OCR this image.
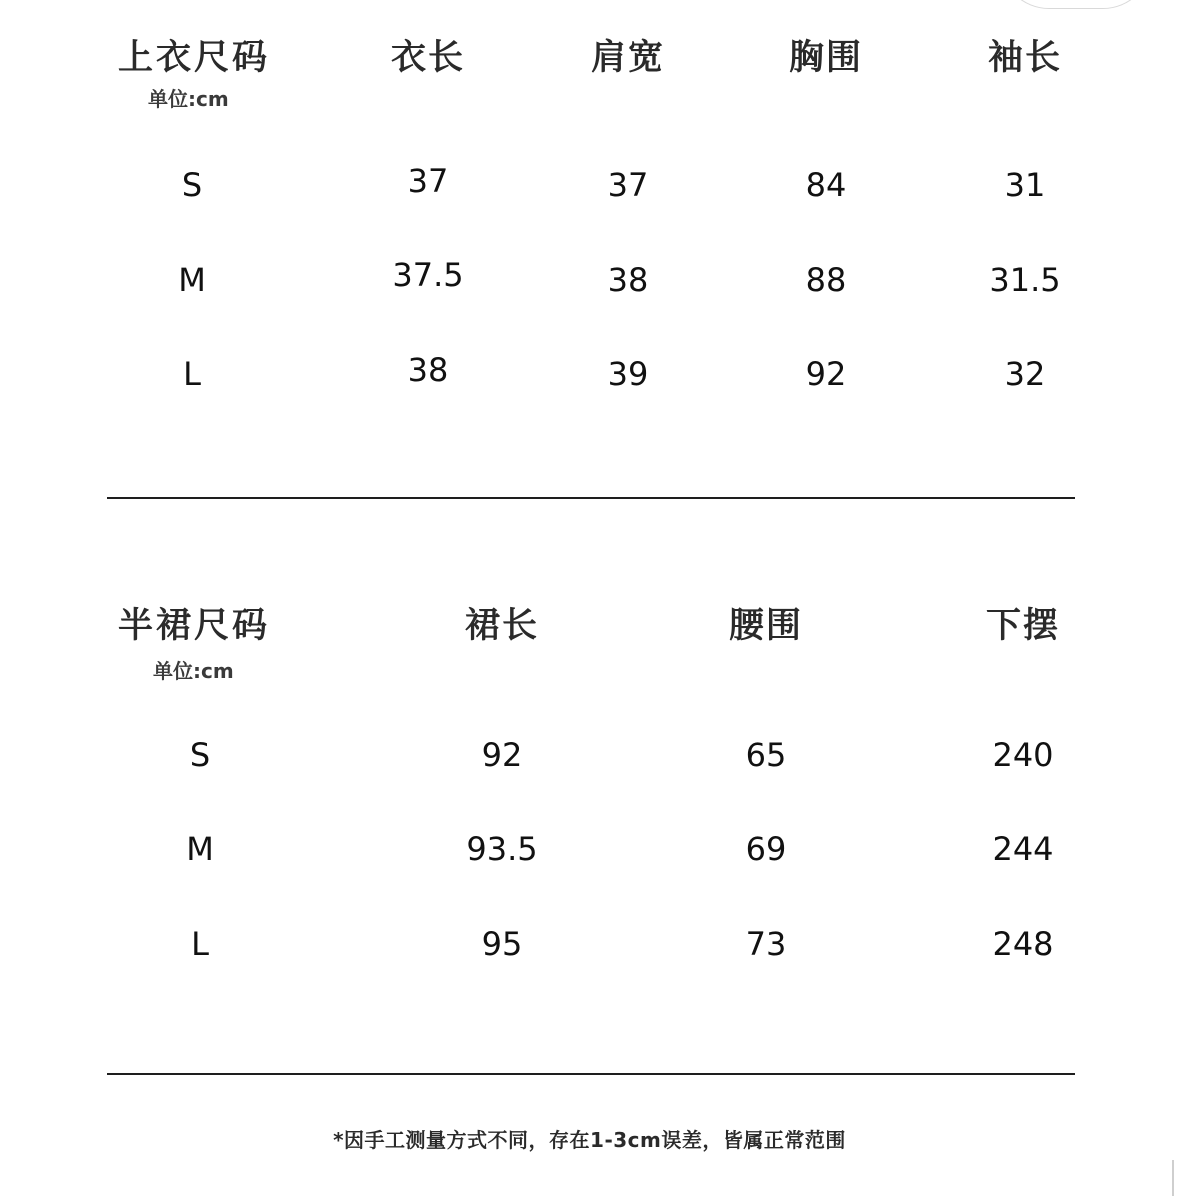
上衣尺码
单位:cm
衣长	肩宽	胸围	袖长
S	37	37	84	31
M	37.5	38	88	31.5
L	38	39	92	32
半裙尺码
单位:cm
裙长	腰围	下摆
S	92	65	240
M	93.5	69	244
L	95	73	248
*因手工测量方式不同，存在1-3cm误差，皆属正常范围
